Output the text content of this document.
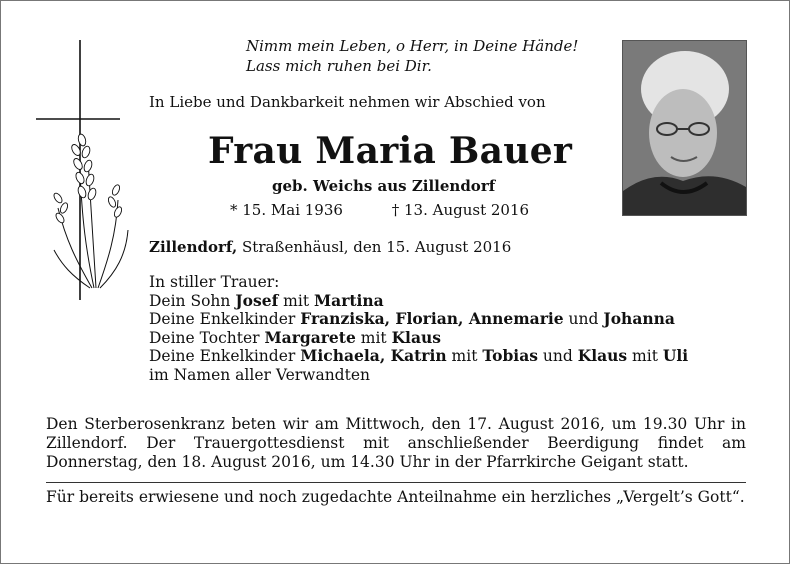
Nimm mein Leben, o Herr, in Deine Hände!
Lass mich ruhen bei Dir.
In Liebe und Dankbarkeit nehmen wir Abschied von
Frau Maria Bauer
geb. Weichs aus Zillendorf
* 15. Mai 1936	† 13. August 2016
Zillendorf, Straßenhäusl, den 15. August 2016
In stiller Trauer:
Dein Sohn Josef mit Martina
Deine Enkelkinder Franziska, Florian, Annemarie und Johanna
Deine Tochter Margarete mit Klaus
Deine Enkelkinder Michaela, Katrin mit Tobias und Klaus mit Uli
im Namen aller Verwandten
Den Sterberosenkranz beten wir am Mittwoch, den 17. August 2016, um 19.30 Uhr in Zillendorf. Der Trauergottesdienst mit anschließender Beerdigung findet am Donnerstag, den 18. August 2016, um 14.30 Uhr in der Pfarrkirche Geigant statt.
Für bereits erwiesene und noch zugedachte Anteilnahme ein herzliches „Vergelt’s Gott“.
